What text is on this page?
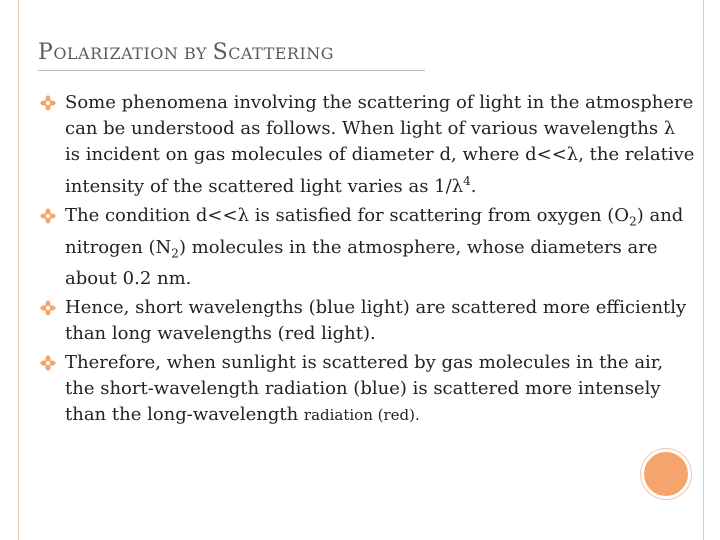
POLARIZATION BY SCATTERING
Some phenomena involving the scattering of light in the atmosphere can be understood as follows. When light of various wavelengths λ is incident on gas molecules of diameter d, where d<<λ, the relative intensity of the scattered light varies as $1/\lambda^4$.
The condition d<<λ is satisfied for scattering from oxygen $(O_2)$ and nitrogen $(N_2)$ molecules in the atmosphere, whose diameters are about 0.2 nm.
Hence, short wavelengths (blue light) are scattered more efficiently than long wavelengths (red light).
Therefore, when sunlight is scattered by gas molecules in the air, the short-wavelength radiation (blue) is scattered more intensely than the long-wavelength radiation (red).
